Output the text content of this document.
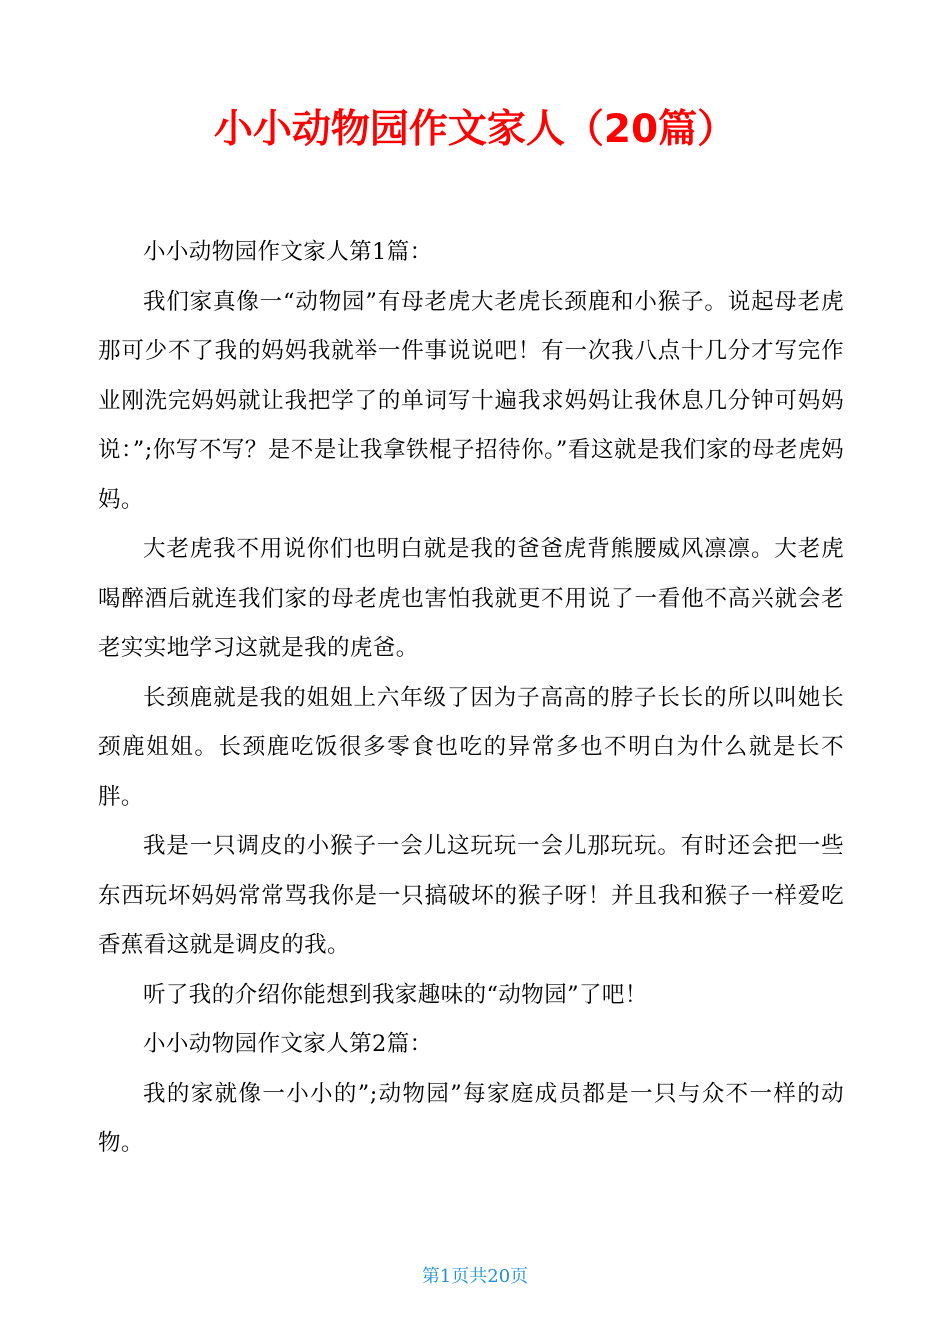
小小动物园作文家人（20篇）

小小动物园作文家人第1篇：

我们家真像一“动物园”有母老虎大老虎长颈鹿和小猴子。说起母老虎那可少不了我的妈妈我就举一件事说说吧！有一次我八点十几分才写完作业刚洗完妈妈就让我把学了的单词写十遍我求妈妈让我休息几分钟可妈妈说：”;你写不写？是不是让我拿铁棍子招待你。”看这就是我们家的母老虎妈妈。

大老虎我不用说你们也明白就是我的爸爸虎背熊腰威风凛凛。大老虎喝醉酒后就连我们家的母老虎也害怕我就更不用说了一看他不高兴就会老老实实地学习这就是我的虎爸。

长颈鹿就是我的姐姐上六年级了因为子高高的脖子长长的所以叫她长颈鹿姐姐。长颈鹿吃饭很多零食也吃的异常多也不明白为什么就是长不胖。

我是一只调皮的小猴子一会儿这玩玩一会儿那玩玩。有时还会把一些东西玩坏妈妈常常骂我你是一只搞破坏的猴子呀！并且我和猴子一样爱吃香蕉看这就是调皮的我。

听了我的介绍你能想到我家趣味的“动物园”了吧！

小小动物园作文家人第2篇：

我的家就像一小小的”;动物园”每家庭成员都是一只与众不一样的动物。

第1页共20页
